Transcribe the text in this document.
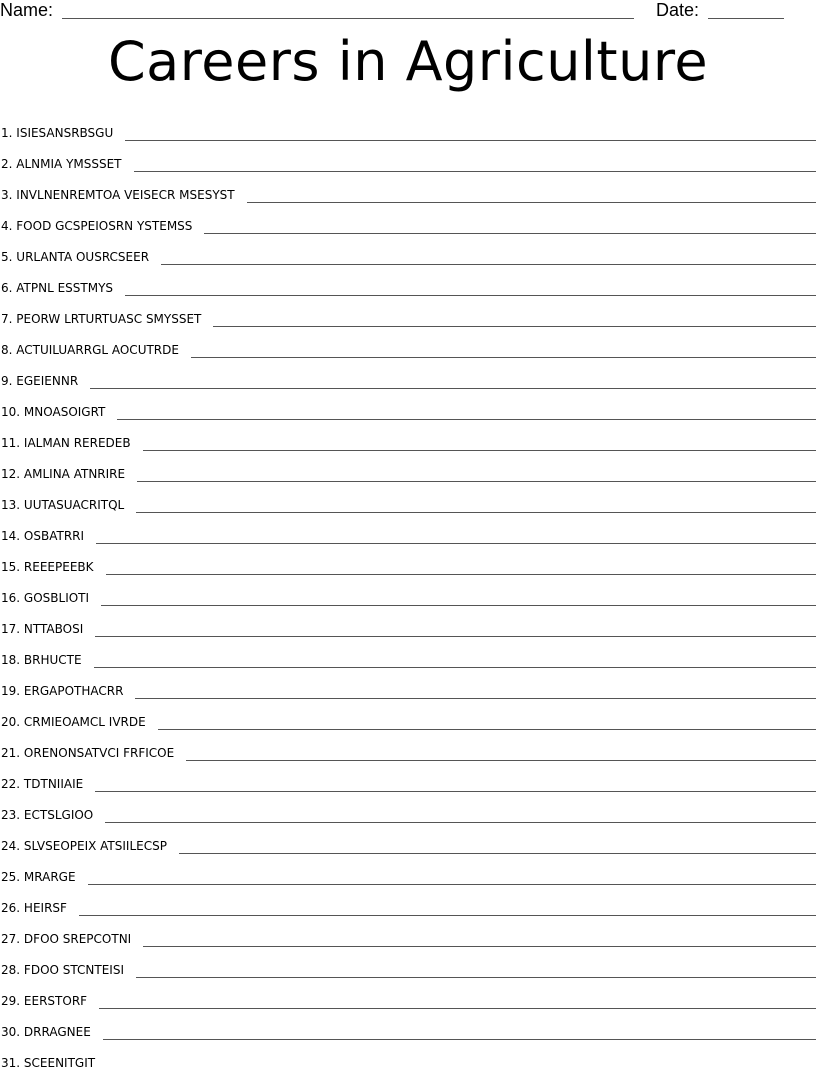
Name:	Date:
Careers in Agriculture
1. ISIESANSRBSGU
2. ALNMIA YMSSSET
3. INVLNENREMTOA VEISECR MSESYST
4. FOOD GCSPEIOSRN YSTEMSS
5. URLANTA OUSRCSEER
6. ATPNL ESSTMYS
7. PEORW LRTURTUASC SMYSSET
8. ACTUILUARRGL AOCUTRDE
9. EGEIENNR
10. MNOASOIGRT
11. IALMAN REREDEB
12. AMLINA ATNRIRE
13. UUTASUACRITQL
14. OSBATRRI
15. REEEPEEBK
16. GOSBLIOTI
17. NTTABOSI
18. BRHUCTE
19. ERGAPOTHACRR
20. CRMIEOAMCL IVRDE
21. ORENONSATVCI FRFICOE
22. TDTNIIAIE
23. ECTSLGIOO
24. SLVSEOPEIX ATSIILECSP
25. MRARGE
26. HEIRSF
27. DFOO SREPCOTNI
28. FDOO STCNTEISI
29. EERSTORF
30. DRRAGNEE
31. SCEENITGIT
